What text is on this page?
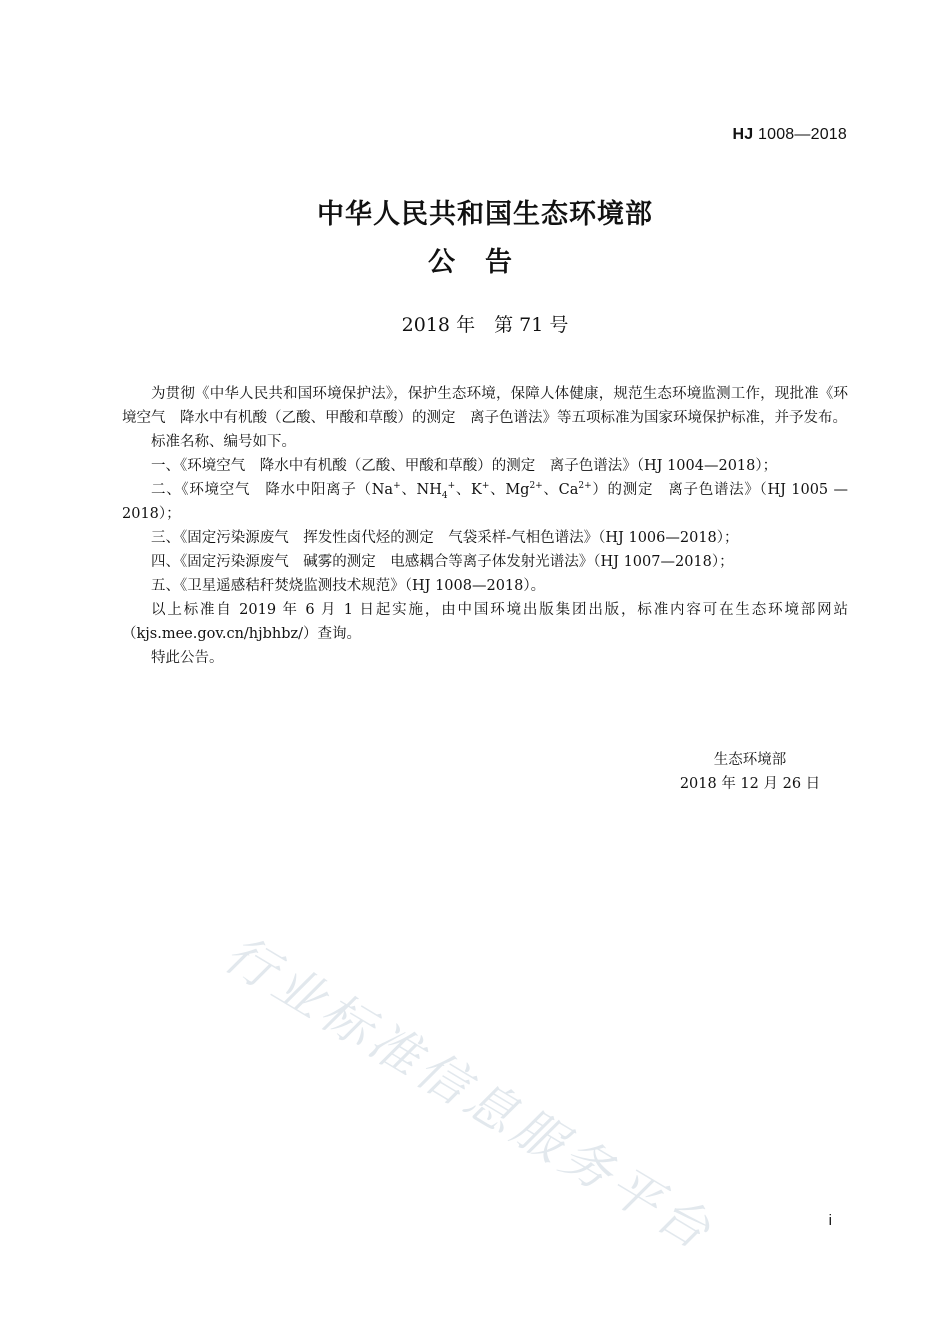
HJ 1008—2018
中华人民共和国生态环境部
公告
2018 年　第 71 号

为贯彻《中华人民共和国环境保护法》，保护生态环境，保障人体健康，规范生态环境监测工作，现批准《环境空气　降水中有机酸（乙酸、甲酸和草酸）的测定　离子色谱法》等五项标准为国家环境保护标准，并予发布。

标准名称、编号如下。

一、《环境空气　降水中有机酸（乙酸、甲酸和草酸）的测定　离子色谱法》（HJ 1004—2018）；

二、《环境空气　降水中阳离子（Na+、$NH_4^+$、K+、$Mg^{2+}$、$Ca^{2+}$）的测定　离子色谱法》（HJ 1005 —2018）；

三、《固定污染源废气　挥发性卤代烃的测定　气袋采样-气相色谱法》（HJ 1006—2018）；

四、《固定污染源废气　碱雾的测定　电感耦合等离子体发射光谱法》（HJ 1007—2018）；

五、《卫星遥感秸秆焚烧监测技术规范》（HJ 1008—2018）。

以上标准自 2019 年 6 月 1 日起实施，由中国环境出版集团出版，标准内容可在生态环境部网站（kjs.mee.gov.cn/hjbhbz/）查询。

特此公告。

生态环境部
2018 年 12 月 26 日
行业标准信息服务平台	i
